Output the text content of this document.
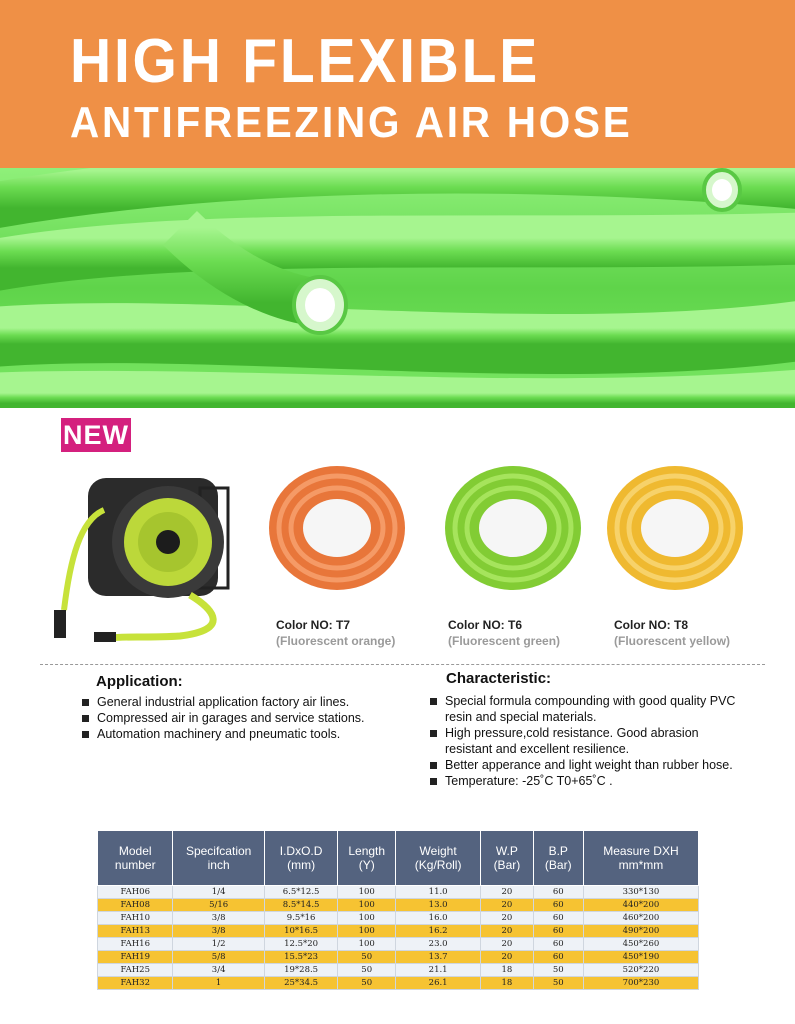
HIGH FLEXIBLE
ANTIFREEZING AIR HOSE
NEW
Color NO: T7
(Fluorescent orange)
Color NO: T6
(Fluorescent green)
Color NO: T8
(Fluorescent yellow)
Application:
General industrial application factory air lines.
Compressed air in garages and service stations.
Automation machinery and pneumatic tools.
Characteristic:
Special formula compounding with good quality PVC resin and special materials.
High pressure,cold resistance. Good abrasion resistant and excellent resilience.
Better apperance and light weight than rubber hose.
Temperature: -25˚C T0+65˚C .
Model number	Specifcation inch	I.DxO.D (mm)	Length (Y)	Weight (Kg/Roll)	W.P (Bar)	B.P (Bar)	Measure DXH mm*mm
FAH06	1/4	6.5*12.5	100	11.0	20	60	330*130
FAH08	5/16	8.5*14.5	100	13.0	20	60	440*200
FAH10	3/8	9.5*16	100	16.0	20	60	460*200
FAH13	3/8	10*16.5	100	16.2	20	60	490*200
FAH16	1/2	12.5*20	100	23.0	20	60	450*260
FAH19	5/8	15.5*23	50	13.7	20	60	450*190
FAH25	3/4	19*28.5	50	21.1	18	50	520*220
FAH32	1	25*34.5	50	26.1	18	50	700*230
